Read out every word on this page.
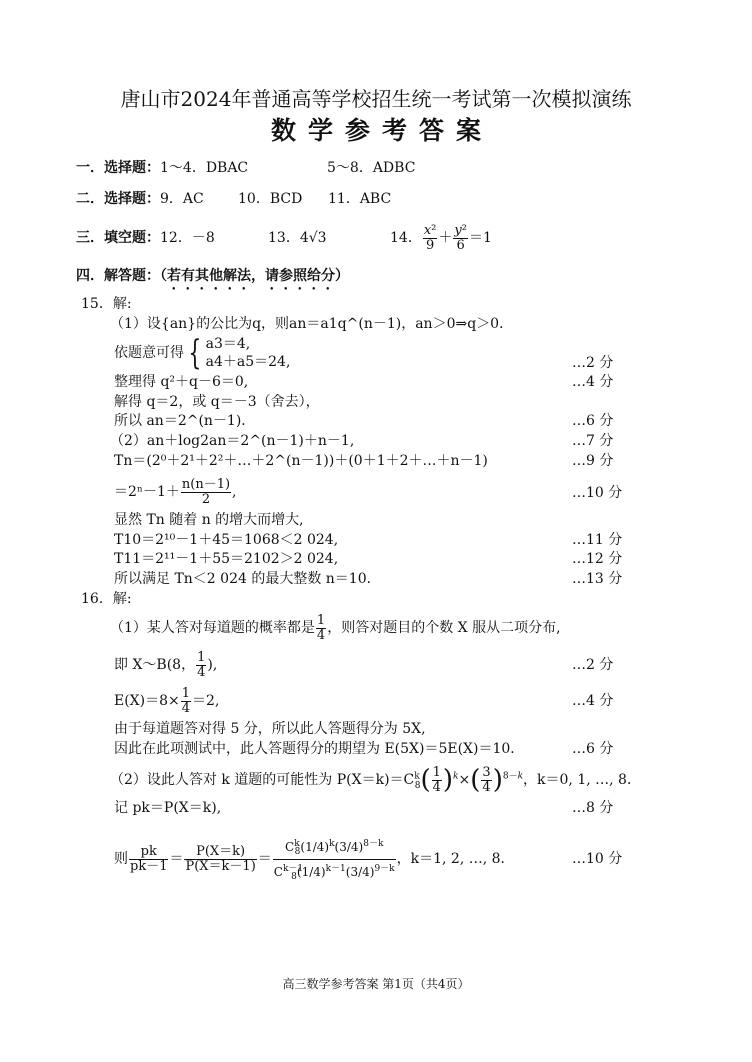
唐山市2024年普通高等学校招生统一考试第一次模拟演练
数学参考答案
一．选择题：1～4．DBAC	5～8．ADBC
二．选择题：9．AC 10．BCD 11．ABC
三．填空题：12．－8	13．4√3	14． $\frac{\text{x²}}{9} + \frac{\text{y²}}{6} =1$
四．解答题：（若有其他解法，请参照给分）
15．解:
（1）设{an}的公比为q，则an＝a1q^(n－1)，an＞0⇒q＞0．
依题意可得 { a3＝4,
a4＋a5＝24,	…2 分
整理得 q²＋q－6＝0,	…4 分
解得 q＝2，或 q＝－3（舍去），
所以 an＝2^(n－1)．	…6 分
（2）an＋log2an＝2^(n－1)＋n－1,	…7 分
Tn＝(2⁰＋2¹＋2²＋…＋2^(n－1))＋(0＋1＋2＋…＋n－1)	…9 分
$=2^n-1+ \frac{n(n-1)}{2}$ ,	…10 分
显然 Tn 随着 n 的增大而增大,
T10＝2¹⁰－1＋45＝1068＜2 024,	…11 分
T11＝2¹¹－1＋55＝2102＞2 024,	…12 分
所以满足 Tn＜2 024 的最大整数 n＝10．	…13 分
16．解:
（1）某人答对每道题的概率都是 $\frac{1}{4}$ ，则答对题目的个数 X 服从二项分布,
即 X～B(8， $\frac{1}{4}$ ),	…2 分
$E(X)=8\times \frac{1}{4} =2$,	…4 分
由于每道题答对得 5 分，所以此人答题得分为 5X,
因此在此项测试中，此人答题得分的期望为 E(5X)＝5E(X)＝10．	…6 分
（2）设此人答对 k 道题的可能性为 $P(X=k)=C^k_8( \frac{1}{4} )^k\times( \frac{3}{4} )^{8-k}$，k＝0, 1, …, 8．
记 pk＝P(X＝k),	…8 分
则 $\frac{pk}{pk-1} = \frac{P(X=k)}{P(X=k-1)} = \frac{C^k_8(1/4)^k(3/4)^{8-k}}{C^{k-1}_8(1/4)^{k-1}(3/4)^{9-k}}$ ，k＝1, 2, …, 8．	…10 分
高三数学参考答案 第1页（共4页）
